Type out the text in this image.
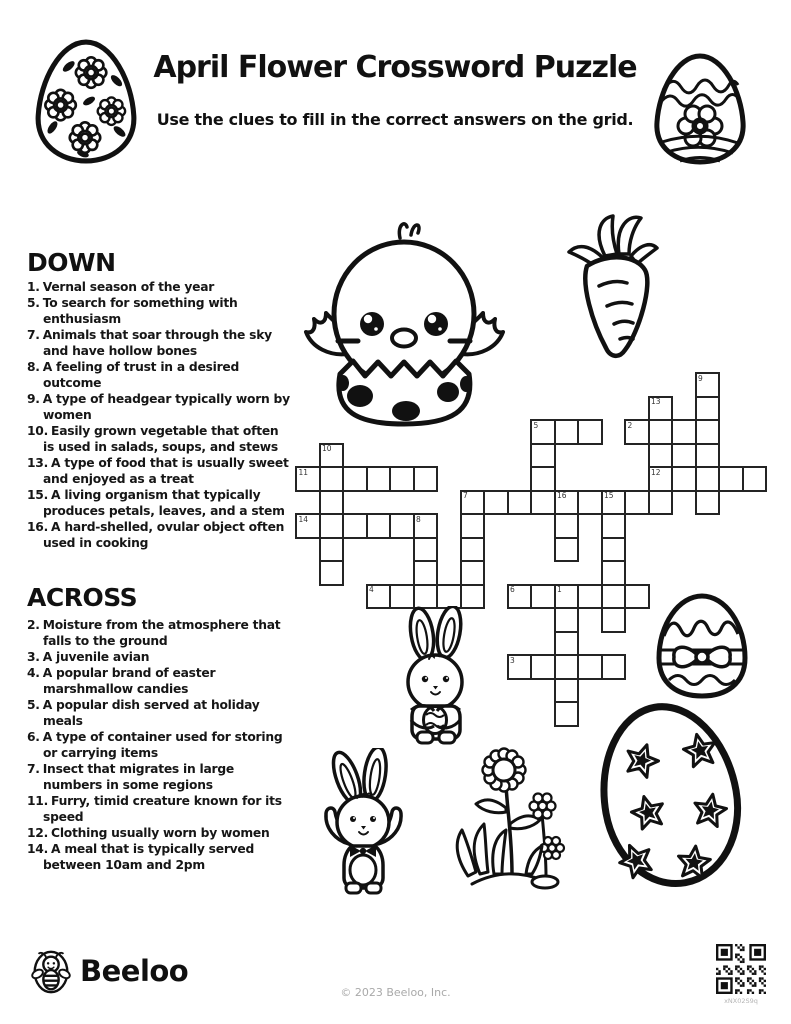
April Flower Crossword Puzzle
Use the clues to fill in the correct answers on the grid.
DOWN
1. Vernal season of the year
5. To search for something with enthusiasm
7. Animals that soar through the sky and have hollow bones
8. A feeling of trust in a desired outcome
9. A type of headgear typically worn by women
10. Easily grown vegetable that often is used in salads, soups, and stews
13. A type of food that is usually sweet and enjoyed as a treat
15. A living organism that typically produces petals, leaves, and a stem
16. A hard-shelled, ovular object often used in cooking
ACROSS
2. Moisture from the atmosphere that falls to the ground
3. A juvenile avian
4. A popular brand of easter marshmallow candies
5. A popular dish served at holiday meals
6. A type of container used for storing or carrying items
7. Insect that migrates in large numbers in some regions
11. Furry, timid creature known for its speed
12. Clothing usually worn by women
14. A meal that is typically served between 10am and 2pm
2
3
4
5
6	1
7	16	15
11	12
14	8
9
10
13
Beeloo
© 2023 Beeloo, Inc.
xNX02S9q
